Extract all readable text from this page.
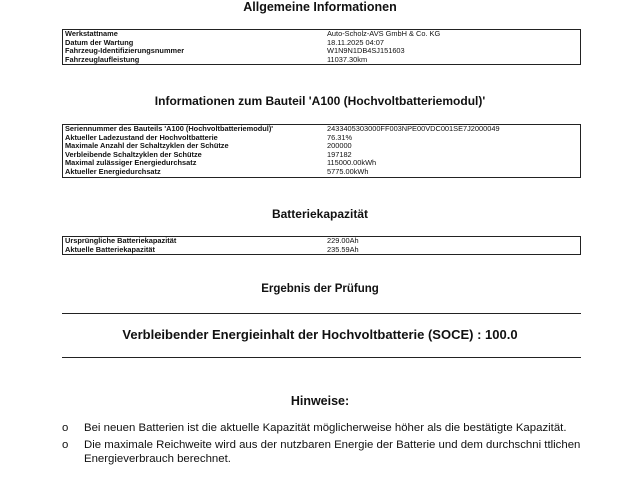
Allgemeine Informationen
Werkstattname	Auto-Scholz-AVS GmbH & Co. KG
Datum der Wartung	18.11.2025 04:07
Fahrzeug-Identifizierungsnummer	W1N9N1DB4SJ151603
Fahrzeuglaufleistung	11037.30km
Informationen zum Bauteil 'A100 (Hochvoltbatteriemodul)'
Seriennummer des Bauteils 'A100 (Hochvoltbatteriemodul)'	2433405303000FF003NPE00VDC001SE7J2000049
Aktueller Ladezustand der Hochvoltbatterie	76.31%
Maximale Anzahl der Schaltzyklen der Schütze	200000
Verbleibende Schaltzyklen der Schütze	197182
Maximal zulässiger Energiedurchsatz	115000.00kWh
Aktueller Energiedurchsatz	5775.00kWh
Batteriekapazität
Ursprüngliche Batteriekapazität	229.00Ah
Aktuelle Batteriekapazität	235.59Ah
Ergebnis der Prüfung
Verbleibender Energieinhalt der Hochvoltbatterie (SOCE) : 100.0
Hinweise:
o	Bei neuen Batterien ist die aktuelle Kapazität möglicherweise höher als die bestätigte Kapazität.
o	Die maximale Reichweite wird aus der nutzbaren Energie der Batterie und dem durchschni ttlichen Energieverbrauch berechnet.
